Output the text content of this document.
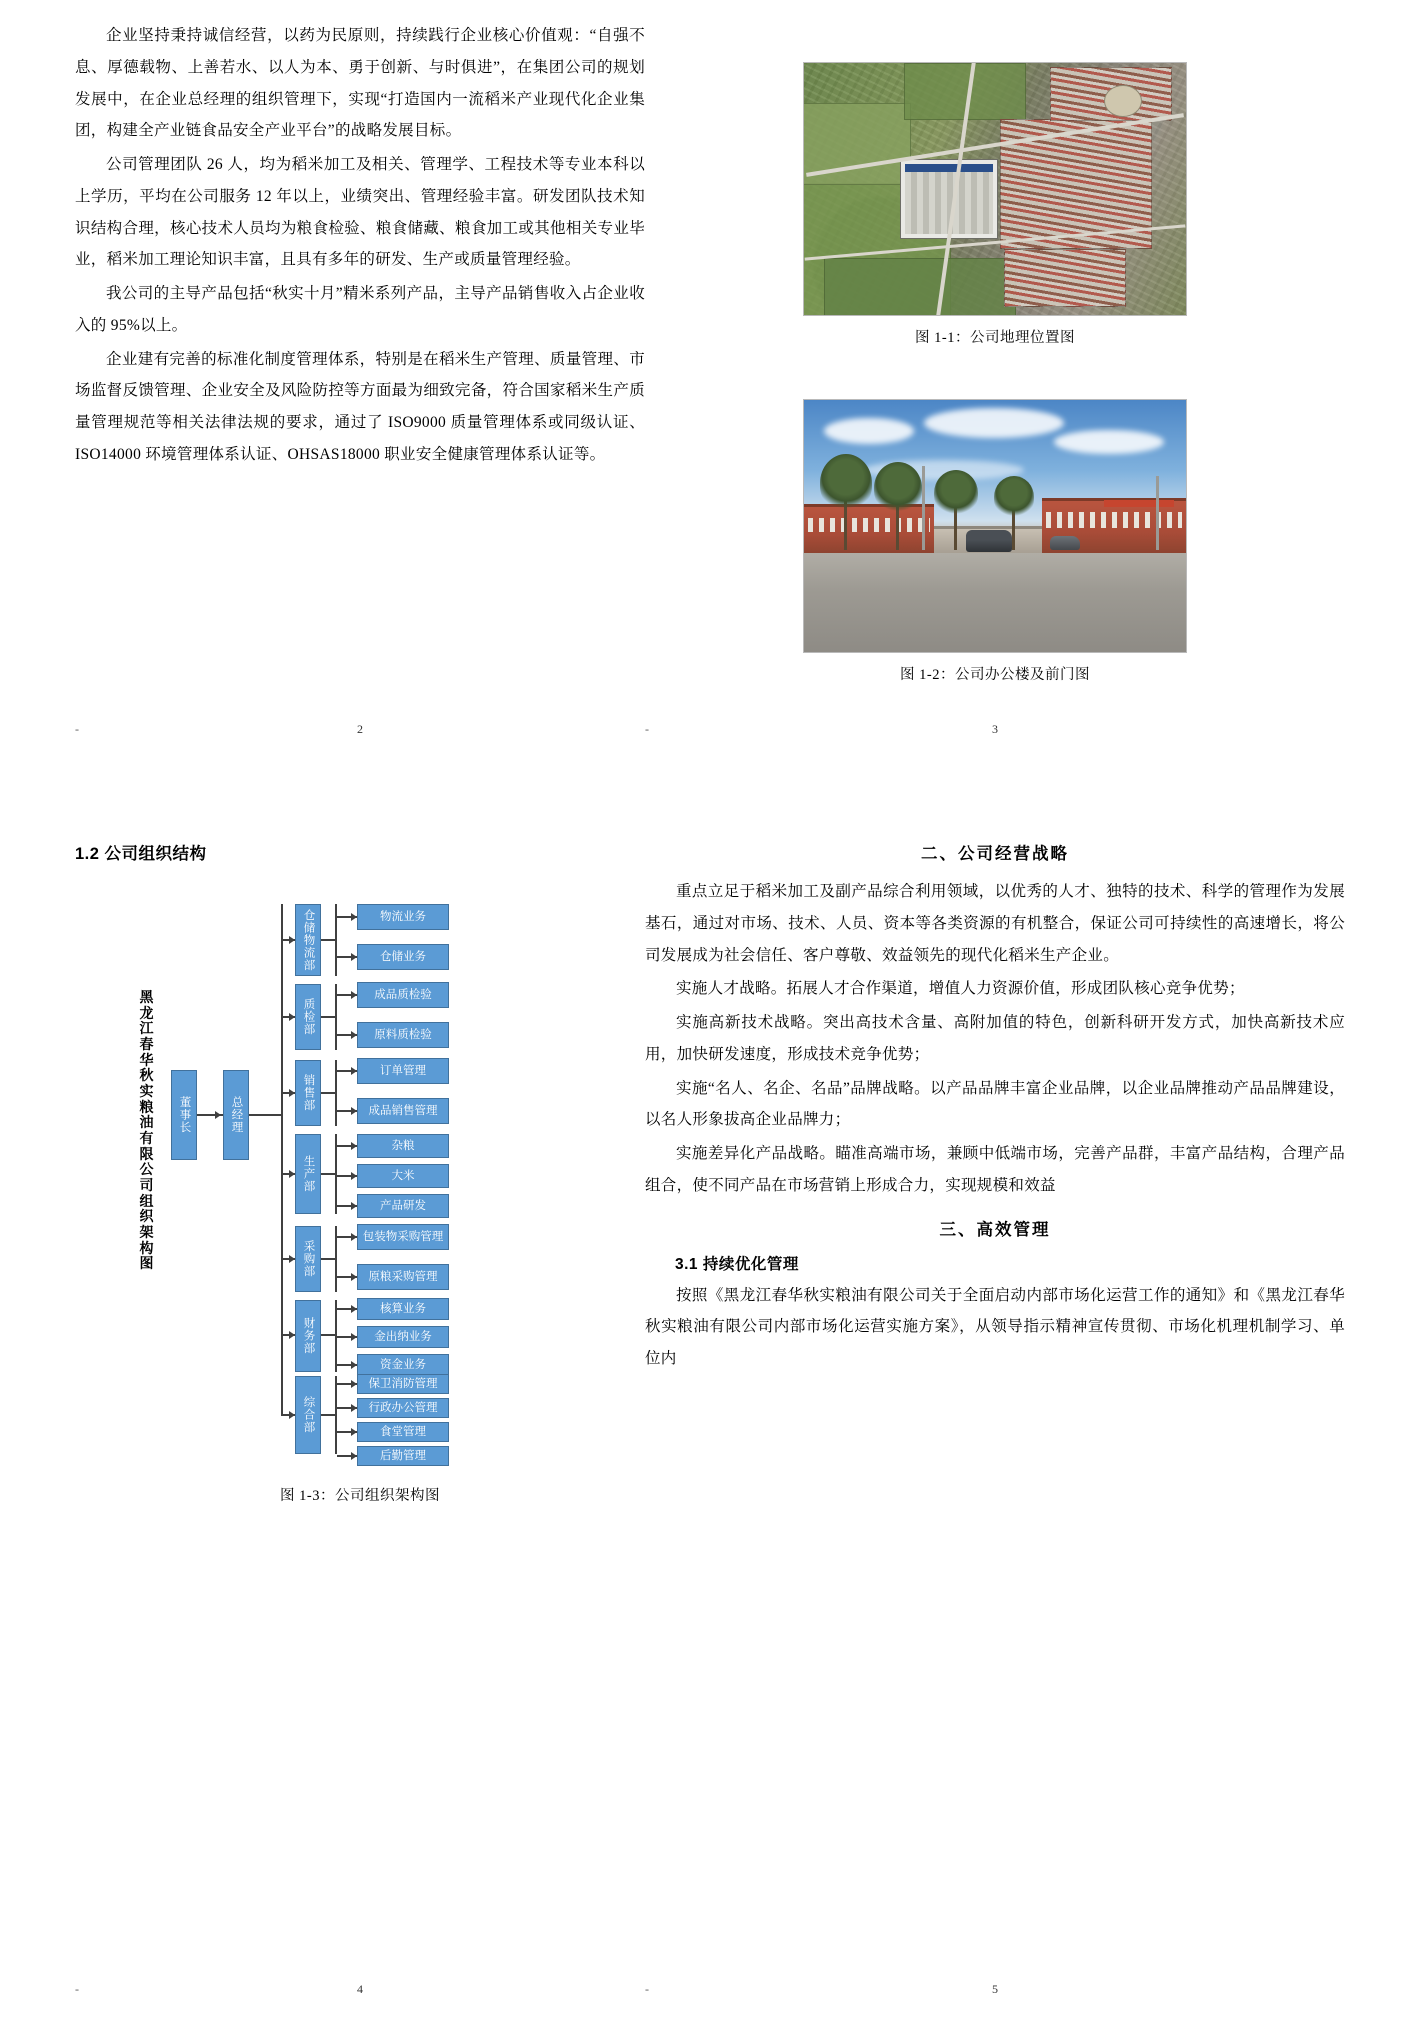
企业坚持秉持诚信经营，以药为民原则，持续践行企业核心价值观：“自强不息、厚德载物、上善若水、以人为本、勇于创新、与时俱进”，在集团公司的规划发展中，在企业总经理的组织管理下，实现“打造国内一流稻米产业现代化企业集团，构建全产业链食品安全产业平台”的战略发展目标。

公司管理团队 26 人，均为稻米加工及相关、管理学、工程技术等专业本科以上学历，平均在公司服务 12 年以上，业绩突出、管理经验丰富。研发团队技术知识结构合理，核心技术人员均为粮食检验、粮食储藏、粮食加工或其他相关专业毕业，稻米加工理论知识丰富，且具有多年的研发、生产或质量管理经验。

我公司的主导产品包括“秋实十月”精米系列产品，主导产品销售收入占企业收入的 95%以上。

企业建有完善的标准化制度管理体系，特别是在稻米生产管理、质量管理、市场监督反馈管理、企业安全及风险防控等方面最为细致完备，符合国家稻米生产质量管理规范等相关法律法规的要求，通过了 ISO9000 质量管理体系或同级认证、ISO14000 环境管理体系认证、OHSAS18000 职业安全健康管理体系认证等。

-	2
图 1-1：公司地理位置图
图 1-2：公司办公楼及前门图
-	3
1.2 公司组织结构
黑龙江春华秋实粮油有限公司组织架构图
董事长	总经理
仓储物流部	物流业务
仓储业务
质检部
成品质检验
原料质检验
销售部
订单管理
成品销售管理
生产部
杂粮
大米
产品研发
采购部
包装物采购管理
原粮采购管理
财务部
核算业务
金出纳业务
资金业务
综合部
保卫消防管理
行政办公管理
食堂管理
后勤管理
图 1-3：公司组织架构图
-	4
二、公司经营战略

重点立足于稻米加工及副产品综合利用领域，以优秀的人才、独特的技术、科学的管理作为发展基石，通过对市场、技术、人员、资本等各类资源的有机整合，保证公司可持续性的高速增长，将公司发展成为社会信任、客户尊敬、效益领先的现代化稻米生产企业。

实施人才战略。拓展人才合作渠道，增值人力资源价值，形成团队核心竞争优势；

实施高新技术战略。突出高技术含量、高附加值的特色，创新科研开发方式，加快高新技术应用，加快研发速度，形成技术竞争优势；

实施“名人、名企、名品”品牌战略。以产品品牌丰富企业品牌，以企业品牌推动产品品牌建设，以名人形象拔高企业品牌力；

实施差异化产品战略。瞄准高端市场，兼顾中低端市场，完善产品群，丰富产品结构，合理产品组合，使不同产品在市场营销上形成合力，实现规模和效益

三、高效管理
3.1 持续优化管理

按照《黑龙江春华秋实粮油有限公司关于全面启动内部市场化运营工作的通知》和《黑龙江春华秋实粮油有限公司内部市场化运营实施方案》，从领导指示精神宣传贯彻、市场化机理机制学习、单位内

-	5
